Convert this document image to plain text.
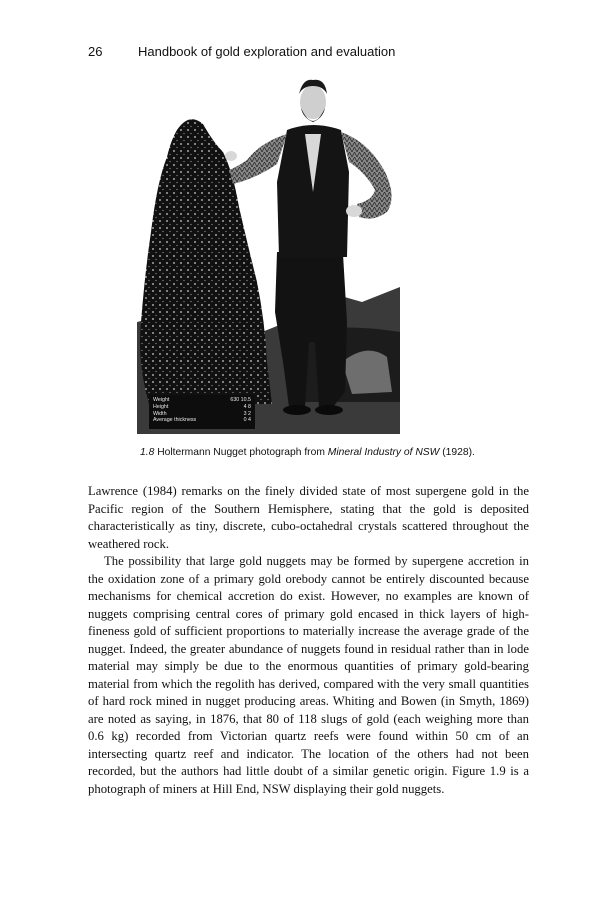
26	Handbook of gold exploration and evaluation
Weight	630 10.5
Height	4 8
Width	3 2
Average thickness	0 4
1.8 Holtermann Nugget photograph from Mineral Industry of NSW (1928).

Lawrence (1984) remarks on the finely divided state of most supergene gold in the Pacific region of the Southern Hemisphere, stating that the gold is deposited characteristically as tiny, discrete, cubo-octahedral crystals scattered throughout the weathered rock.

The possibility that large gold nuggets may be formed by supergene accretion in the oxidation zone of a primary gold orebody cannot be entirely discounted because mechanisms for chemical accretion do exist. However, no examples are known of nuggets comprising central cores of primary gold encased in thick layers of high-fineness gold of sufficient proportions to materially increase the average grade of the nugget. Indeed, the greater abundance of nuggets found in residual rather than in lode material may simply be due to the enormous quantities of primary gold-bearing material from which the regolith has derived, compared with the very small quantities of hard rock mined in nugget producing areas. Whiting and Bowen (in Smyth, 1869) are noted as saying, in 1876, that 80 of 118 slugs of gold (each weighing more than 0.6 kg) recorded from Victorian quartz reefs were found within 50 cm of an intersecting quartz reef and indicator. The location of the others had not been recorded, but the authors had little doubt of a similar genetic origin. Figure 1.9 is a photograph of miners at Hill End, NSW displaying their gold nuggets.
